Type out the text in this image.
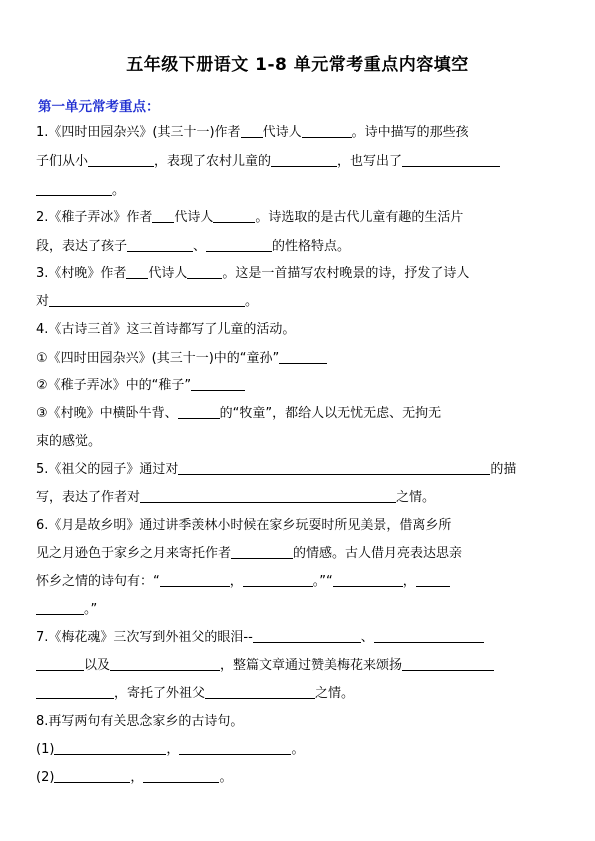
五年级下册语文 1-8 单元常考重点内容填空
第一单元常考重点：
1.《四时田园杂兴》(其三十一)作者 代诗人	。诗中描写的那些孩
子们从小	，表现了农村儿童的	，也写出了
。
2.《稚子弄冰》作者 代诗人	。诗选取的是古代儿童有趣的生活片
段，表达了孩子	、	的性格特点。
3.《村晚》作者 代诗人	。这是一首描写农村晚景的诗，抒发了诗人
对	。
4.《古诗三首》这三首诗都写了儿童的活动。
①《四时田园杂兴》(其三十一)中的“童孙”
②《稚子弄冰》中的“稚子”
③《村晚》中横卧牛背、	的“牧童”，都给人以无忧无虑、无拘无
束的感觉。
5.《祖父的园子》通过对	的描
写，表达了作者对	之情。
6.《月是故乡明》通过讲季羡林小时候在家乡玩耍时所见美景，借离乡所
见之月逊色于家乡之月来寄托作者	的情感。古人借月亮表达思亲
怀乡之情的诗句有：“	，	。”“	，
。”
7.《梅花魂》三次写到外祖父的眼泪--	、
以及	，整篇文章通过赞美梅花来颂扬
，寄托了外祖父	之情。
8.再写两句有关思念家乡的古诗句。
(1)	，	。
(2)	，	。
